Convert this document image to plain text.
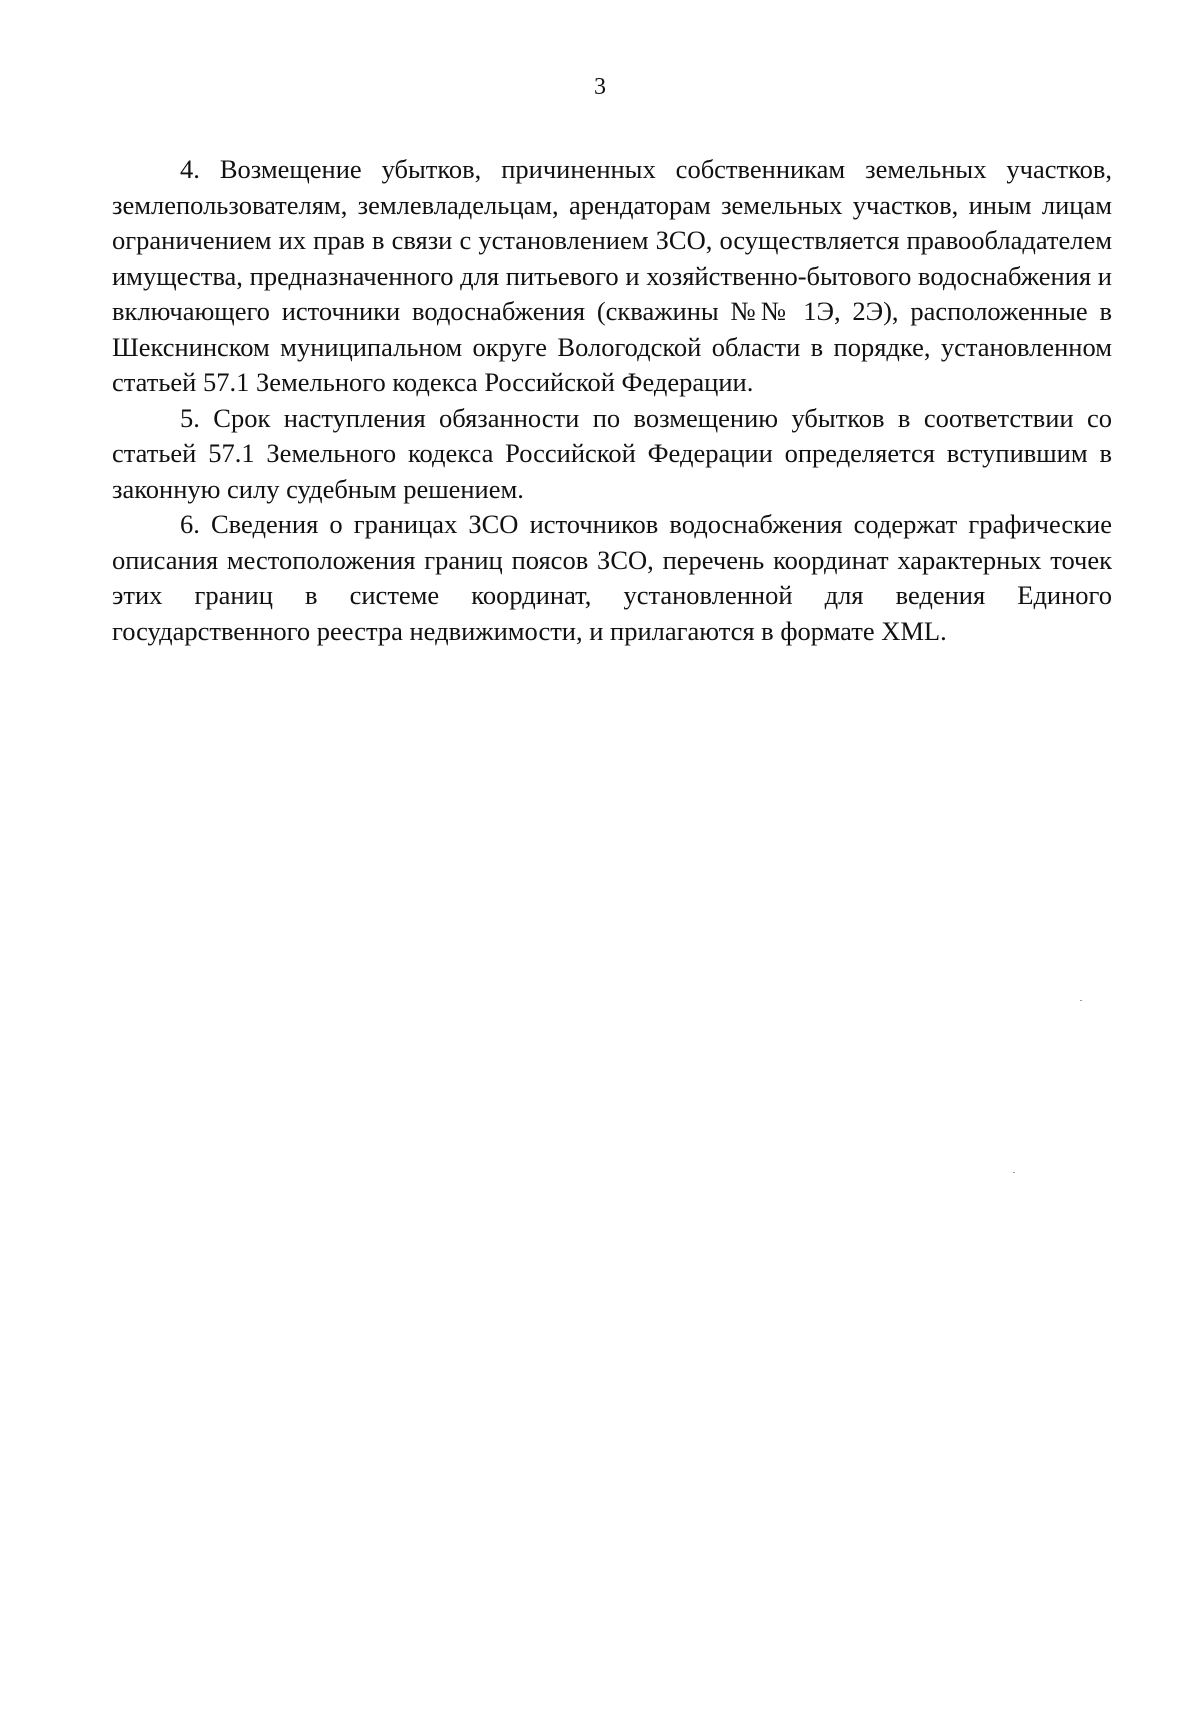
3

4. Возмещение убытков, причиненных собственникам земельных участков, землепользователям, землевладельцам, арендаторам земельных участков, иным лицам ограничением их прав в связи с установлением ЗСО, осуществляется правообладателем имущества, предназначенного для питьевого и хозяйственно-бытового водоснабжения и включающего источники водоснабжения (скважины №№ 1Э, 2Э), расположенные в Шекснинском муниципальном округе Вологодской области в порядке, установленном статьей 57.1 Земельного кодекса Российской Федерации.

5. Срок наступления обязанности по возмещению убытков в соответствии со статьей 57.1 Земельного кодекса Российской Федерации определяется вступившим в законную силу судебным решением.

6. Сведения о границах ЗСО источников водоснабжения содержат графические описания местоположения границ поясов ЗСО, перечень координат характерных точек этих границ в системе координат, установленной для ведения Единого государственного реестра недвижимости, и прилагаются в формате XML.
